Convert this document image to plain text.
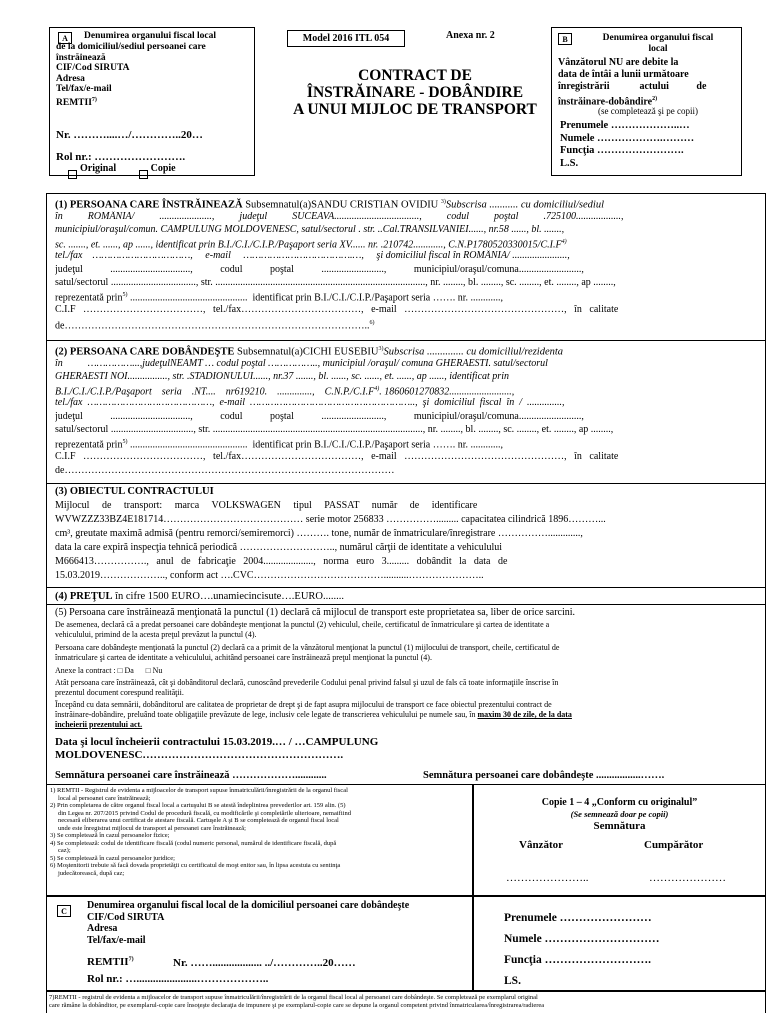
A	Denumirea organului fiscal local
de la domiciliul/sediul persoanei care
înstrăinează
CIF/Cod SIRUTA
Adresa
Tel/fax/e-mail
REMTII$^{7)}$
Nr. ………....…/…………..20…
Rol nr.: …………………….
Original	Copie
Model 2016 ITL 054	Anexa nr. 2
CONTRACT DE
ÎNSTRĂINARE - DOBÂNDIRE
A UNUI MIJLOC DE TRANSPORT
B	Denumirea organului fiscal
local
Vânzătorul NU are debite la
data de întâi a lunii următoare
înregistrării            actului           de
înstrăinare-dobândire$^{2)}$
(se completează şi pe copii)
Prenumele ………………..…
Numele ……………….………
Funcţia …………………….
L.S.
(1) PERSOANA CARE ÎNSTRĂINEAZĂ Subsemnatul(a)SANDU CRISTIAN OVIDIU $^{3)}$Subscrisa ........... cu domiciliul/sediul
în          ROMÂNIA/          .....................,          judeţul          SUCEAVA..................................,          codul          poştal          .725100..................,
municipiul/oraşul/comun. CAMPULUNG MOLDOVENESC, satul/sectorul . str. ..Cal.TRANSILVANIEI......, nr.58 ......, bl. .......,
sc. ......., et. ......, ap ......, identificat prin B.I./C.I./C.I.P./Paşaport seria XV...... nr. .210742............, $C.N.P1780520330015/C.I.F^{4)}$
tel./fax    ……………………………,     e-mail     ……………………………….…,     şi domiciliul fiscal în ROMÂNIA/ ......................,
judeţul           ................................,           codul           poştal           .........................,           municipiul/oraşul/comuna.........................,
satul/sectorul .................................., str. ...................................................................................., nr. ........, bl. ........, sc. ........, et. ........, ap ........,
reprezentată prin$^{5)}$ ...............................................  identificat prin B.I./C.I./C.I.P./Paşaport seria ……. nr. ............,
C.I.F   ………………………………,   tel./fax………………………………,   e-mail   …………………………………………,   în   calitate
de………………………………………………………………………………..$^{6)}$
(2) PERSOANA CARE DOBÂNDEŞTE Subsemnatul(a)CICHI EUSEBIU$^{3)}$Subscrisa .............. cu domiciliul/rezidenta
în          ……………...,judeţulNEAMT … codul poştal …………….., municipiul /oraşul/ comuna GHERAESTI. satul/sectorul
GHERAESTI NOI................, str. .STADIONULUI......, nr.37 ......., bl. ......, sc. ......, et. ......, ap ......, identificat prin
B.I./C.I./C.I.P./Paşaport    seria    .NT....    nr619210.    ..............,    $C.N.P./C.I.F^{4)}$. 1860601270832.........................,
tel./fax  ……………………………………,  e-mail  ………………………………………………..,  şi  domiciliul  fiscal  în  /  ..............,
judeţul           ................................,           codul           poştal           .........................,           municipiul/oraşul/comuna.........................,
satul/sectorul ................................., str. ...................................................................................., nr. ........, bl. ........, sc. ........, et. ........, ap ........,
reprezentată prin$^{5)}$ ...............................................  identificat prin B.I./C.I./C.I.P./Paşaport seria ……. nr. ............,
C.I.F   ………………………………,   tel./fax………………………………,   e-mail   …………………………………………,   în   calitate
de………………………………………………………………………………………
(3) OBIECTUL CONTRACTULUI
Mijlocul     de     transport:     marca     VOLKSWAGEN     tipul     PASSAT     număr     de     identificare
WVWZZZ33BZ4E181714…………………………………… serie motor 256833 ……………......... capacitatea cilindrică 1896………...
cm³, greutate maximă admisă (pentru remorci/semiremorci) ………. tone, număr de înmatriculare/înregistrare …………….............,
data la care expiră inspecţia tehnică periodică ……………………….., numărul cărţii de identitate a vehiculului
M666413…………….,   anul   de   fabricaţie   2004....................,   norma   euro   3.........   dobândit   la   data   de
15.03.2019……………….., conform act ….CVC…………………………………..........…………………..
(4) PREŢUL în cifre 1500 EURO….unamiecincisute….EURO........
(5) Persoana care înstrăinează menţionată la punctul (1) declară că mijlocul de transport este proprietatea sa, liber de orice sarcini.
De asemenea, declară că a predat persoanei care dobândeşte menţionat la punctul (2) vehiculul, cheile, certificatul de înmatriculare şi cartea de identitate a
vehiculului, primind de la acesta preţul prevăzut la punctul (4).
Persoana care dobândeşte menţionată la punctul (2) declară ca a primit de la vânzătorul menţionat la punctul (1) mijlocului de transport, cheile, certificatul de
înmatriculare şi cartea de identitate a vehiculului, achitând persoanei care înstrăinează preţul menţionat la punctul (4).
Anexe la contract : □ Da      □ Nu
Atât persoana care înstrăinează, cât şi dobânditorul declară, cunoscând prevederile Codului penal privind falsul şi uzul de fals că toate informaţiile înscrise în
prezentul document corespund realităţii.
Începând cu data semnării, dobânditorul are calitatea de proprietar de drept şi de fapt asupra mijlocului de transport ce face obiectul prezentului contract de
înstrăinare-dobândire, preluând toate obligaţiile prevăzute de lege, inclusiv cele legate de transcrierea vehiculului pe numele sau, în maxim 30 de zile, de la data
încheierii prezentului act.
Data şi locul încheierii contractului 15.03.2019.… / …CAMPULUNG
MOLDOVENESC……………………………………………….
Semnătura persoanei care înstrăinează ………………............	Semnătura persoanei care dobândeşte .................…….
1) REMTII - Registrul de evidenta a mijloacelor de transport supuse înmatriculării/înregistrării de la organul fiscal
local al persoanei care înstrăinează;
2) Prin completarea de către organul fiscal local a cartuşului B se atestă îndeplinirea prevederilor art. 159 alin. (5)
din Legea nr. 207/2015 privind Codul de procedură fiscală, cu modificările şi completările ulterioare, nemaifiind
necesară eliberarea unui certificat de atestare fiscală. Cartuşele A şi B se completează de organul fiscal local
unde este înregistrat mijlocul de transport al persoanei care înstrăinează;
3) Se completează în cazul persoanelor fizice;
4) Se completează: codul de identificare fiscală (codul numeric personal, numărul de identificare fiscală, după
caz);
5) Se completează în cazul persoanelor juridice;
6) Moştenitorii trebuie să facă dovada proprietăţii cu certificatul de moşt enitor sau, în lipsa acestuia cu sentinţa
judecătorească, după caz;
Copie 1 – 4 „Conform cu originalul”
(Se semnează doar pe copii)
Semnătura
Vânzător	Cumpărător
…………………..	…………………
C
Denumirea organului fiscal local de la domiciliul persoanei care dobândeşte
CIF/Cod SIRUTA
Adresa
Tel/fax/e-mail
REMTII$^{7)}$	Nr. …….................. ../…………..20……
Rol nr.: …......................………………..
Prenumele ……………………
Numele …………………………
Funcţia ……………………….
LS.
7)REMTII - registrul de evidenta a mijloacelor de transport supuse înmatriculării/înregistrării de la organul fiscal local al persoanei care dobândeşte. Se completează pe exemplarul original
care rămâne la dobânditor, pe exemplarul-copie care însoţeşte declaraţia de impunere şi pe exemplarul-copie care se depune la organul competent privind înmatricularea/înregistrarea/radierea
